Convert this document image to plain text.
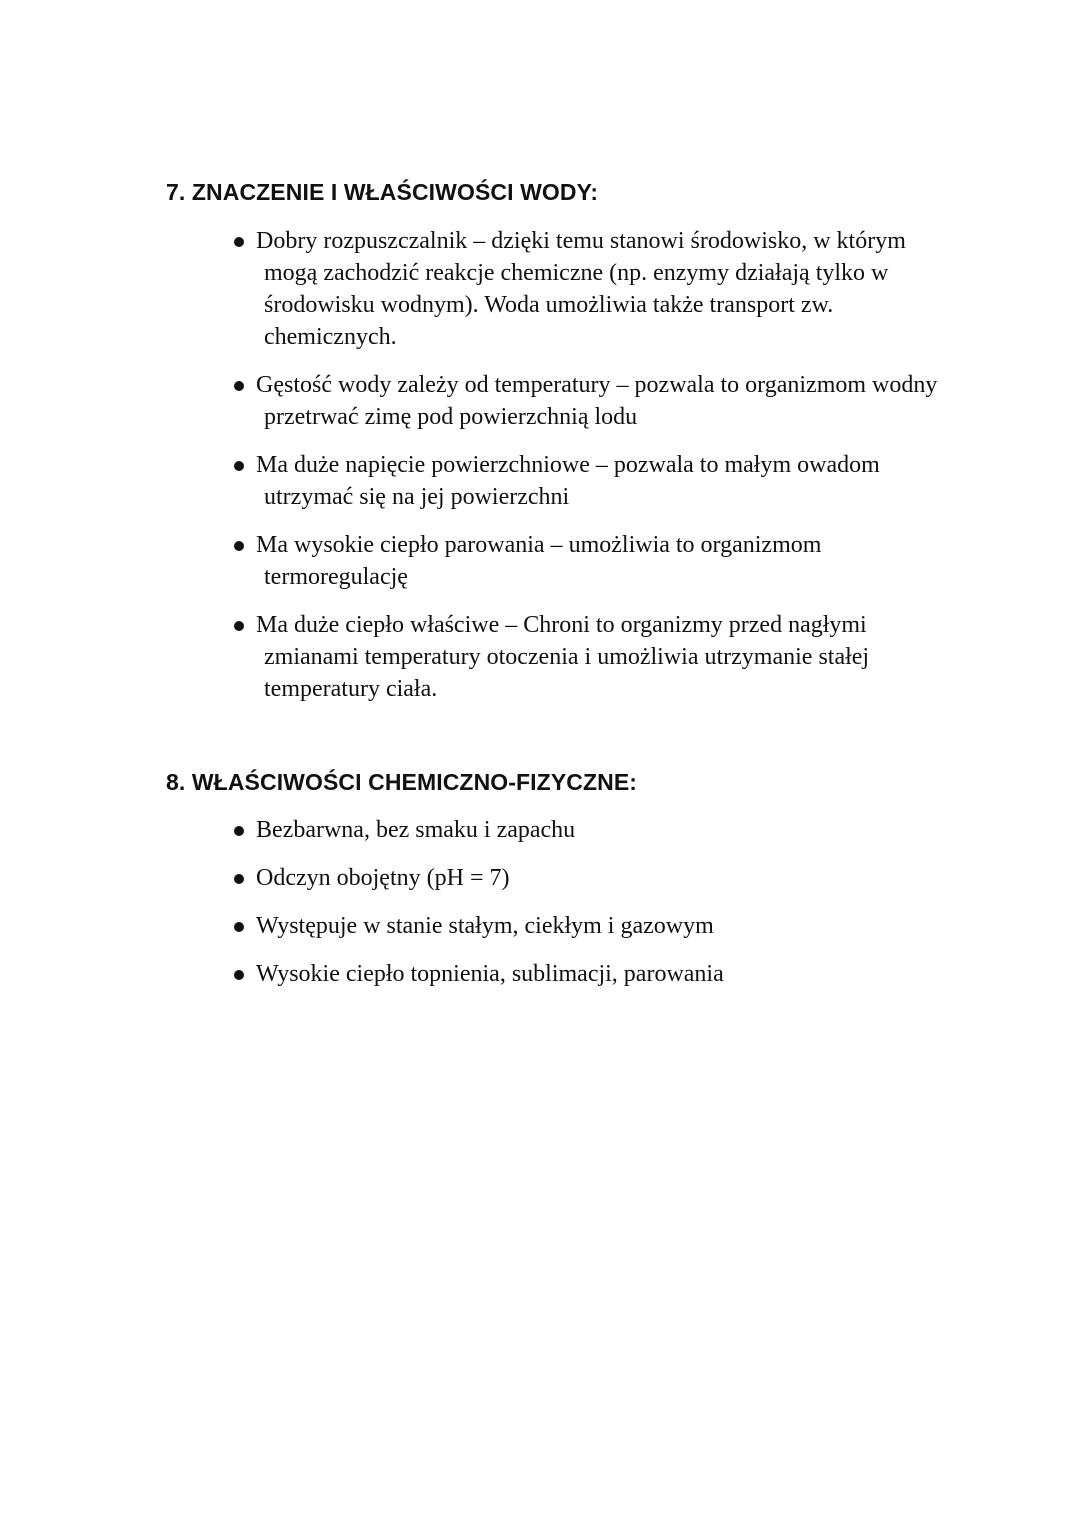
7. ZNACZENIE I WŁAŚCIWOŚCI WODY:
Dobry rozpuszczalnik – dzięki temu stanowi środowisko, w którym mogą zachodzić reakcje chemiczne (np. enzymy działają tylko w środowisku wodnym). Woda umożliwia także transport zw. chemicznych.
Gęstość wody zależy od temperatury – pozwala to organizmom wodny przetrwać zimę pod powierzchnią lodu
Ma duże napięcie powierzchniowe – pozwala to małym owadom utrzymać się na jej powierzchni
Ma wysokie ciepło parowania – umożliwia to organizmom termoregulację
Ma duże ciepło właściwe – Chroni to organizmy przed nagłymi zmianami temperatury otoczenia i umożliwia utrzymanie stałej temperatury ciała.
8. WŁAŚCIWOŚCI CHEMICZNO-FIZYCZNE:
Bezbarwna, bez smaku i zapachu
Odczyn obojętny (pH = 7)
Występuje w stanie stałym, ciekłym i gazowym
Wysokie ciepło topnienia, sublimacji, parowania
